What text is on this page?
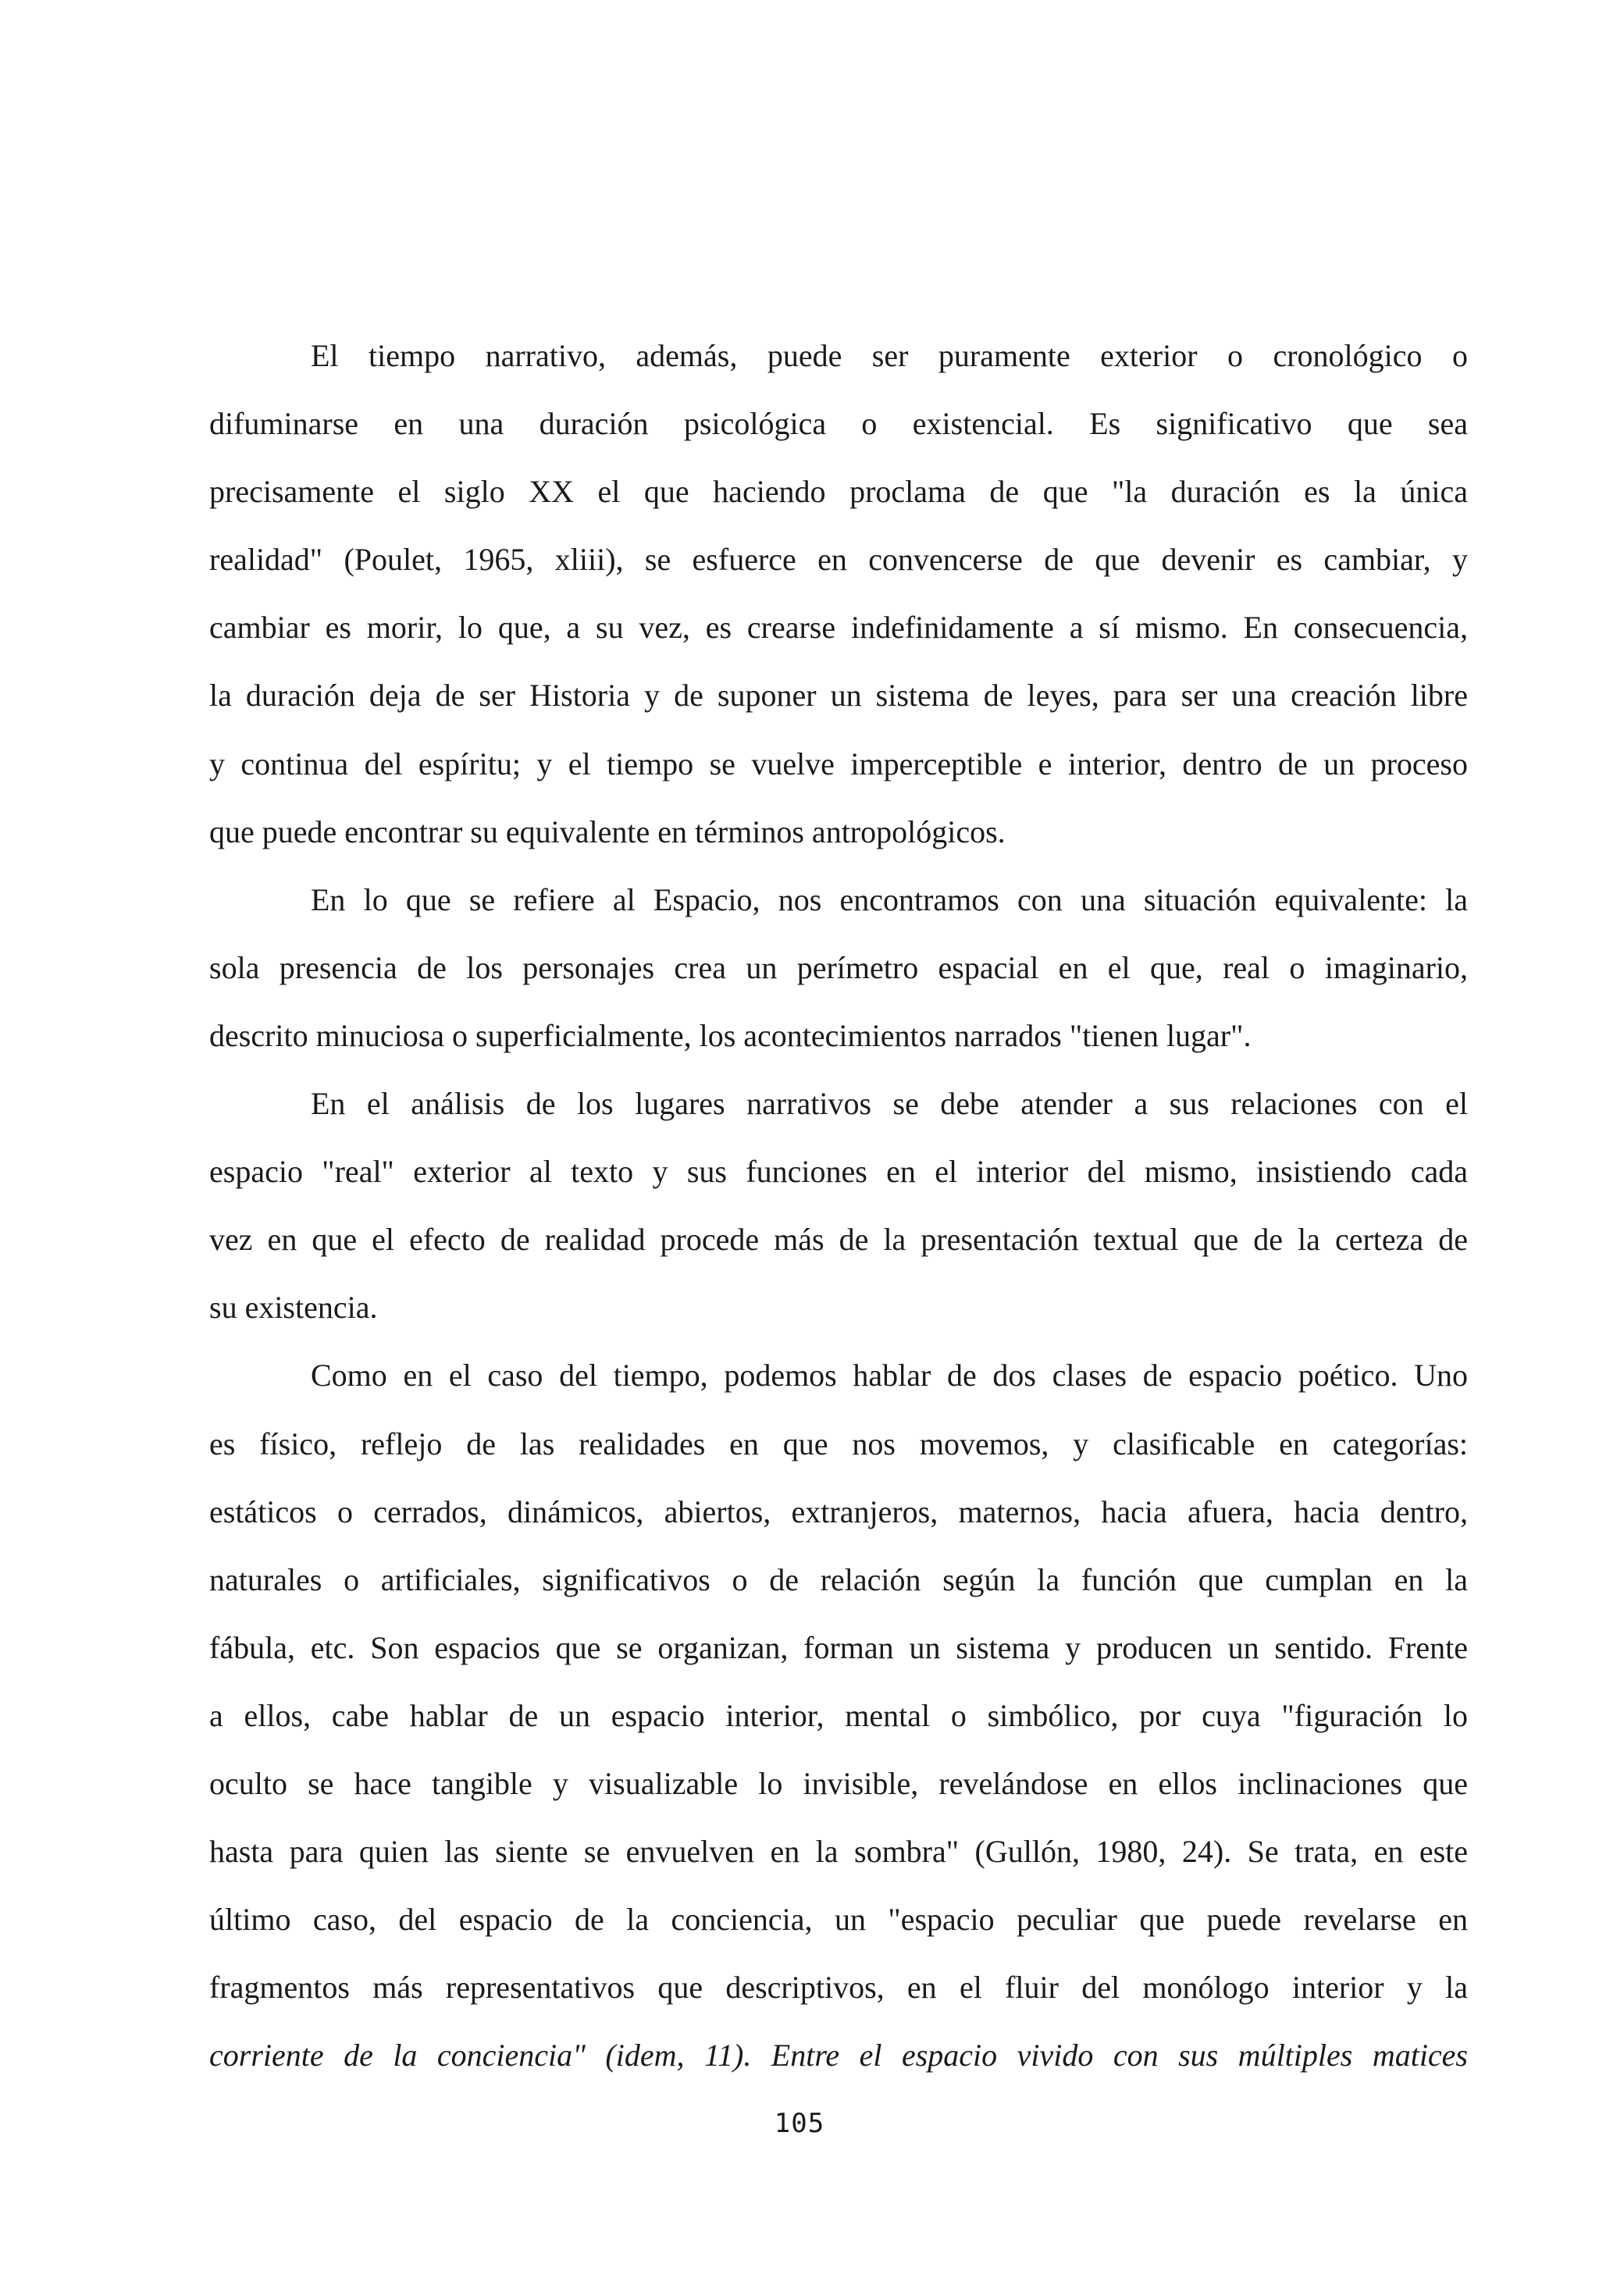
El tiempo narrativo, además, puede ser puramente exterior o cronológico o
difuminarse en una duración psicológica o existencial. Es significativo que sea
precisamente el siglo XX el que haciendo proclama de que "la duración es la única
realidad" (Poulet, 1965, xliii), se esfuerce en convencerse de que devenir es cambiar, y
cambiar es morir, lo que, a su vez, es crearse indefinidamente a sí mismo. En consecuencia,
la duración deja de ser Historia y de suponer un sistema de leyes, para ser una creación libre
y continua del espíritu; y el tiempo se vuelve imperceptible e interior, dentro de un proceso
que puede encontrar su equivalente en términos antropológicos.
En lo que se refiere al Espacio, nos encontramos con una situación equivalente: la
sola presencia de los personajes crea un perímetro espacial en el que, real o imaginario,
descrito minuciosa o superficialmente, los acontecimientos narrados "tienen lugar".
En el análisis de los lugares narrativos se debe atender a sus relaciones con el
espacio "real" exterior al texto y sus funciones en el interior del mismo, insistiendo cada
vez en que el efecto de realidad procede más de la presentación textual que de la certeza de
su existencia.
Como en el caso del tiempo, podemos hablar de dos clases de espacio poético. Uno
es físico, reflejo de las realidades en que nos movemos, y clasificable en categorías:
estáticos o cerrados, dinámicos, abiertos, extranjeros, maternos, hacia afuera, hacia dentro,
naturales o artificiales, significativos o de relación según la función que cumplan en la
fábula, etc. Son espacios que se organizan, forman un sistema y producen un sentido. Frente
a ellos, cabe hablar de un espacio interior, mental o simbólico, por cuya "figuración lo
oculto se hace tangible y visualizable lo invisible, revelándose en ellos inclinaciones que
hasta para quien las siente se envuelven en la sombra" (Gullón, 1980, 24). Se trata, en este
último caso, del espacio de la conciencia, un "espacio peculiar que puede revelarse en
fragmentos más representativos que descriptivos, en el fluir del monólogo interior y la
corriente de la conciencia" (idem, 11). Entre el espacio vivido con sus múltiples matices
105
